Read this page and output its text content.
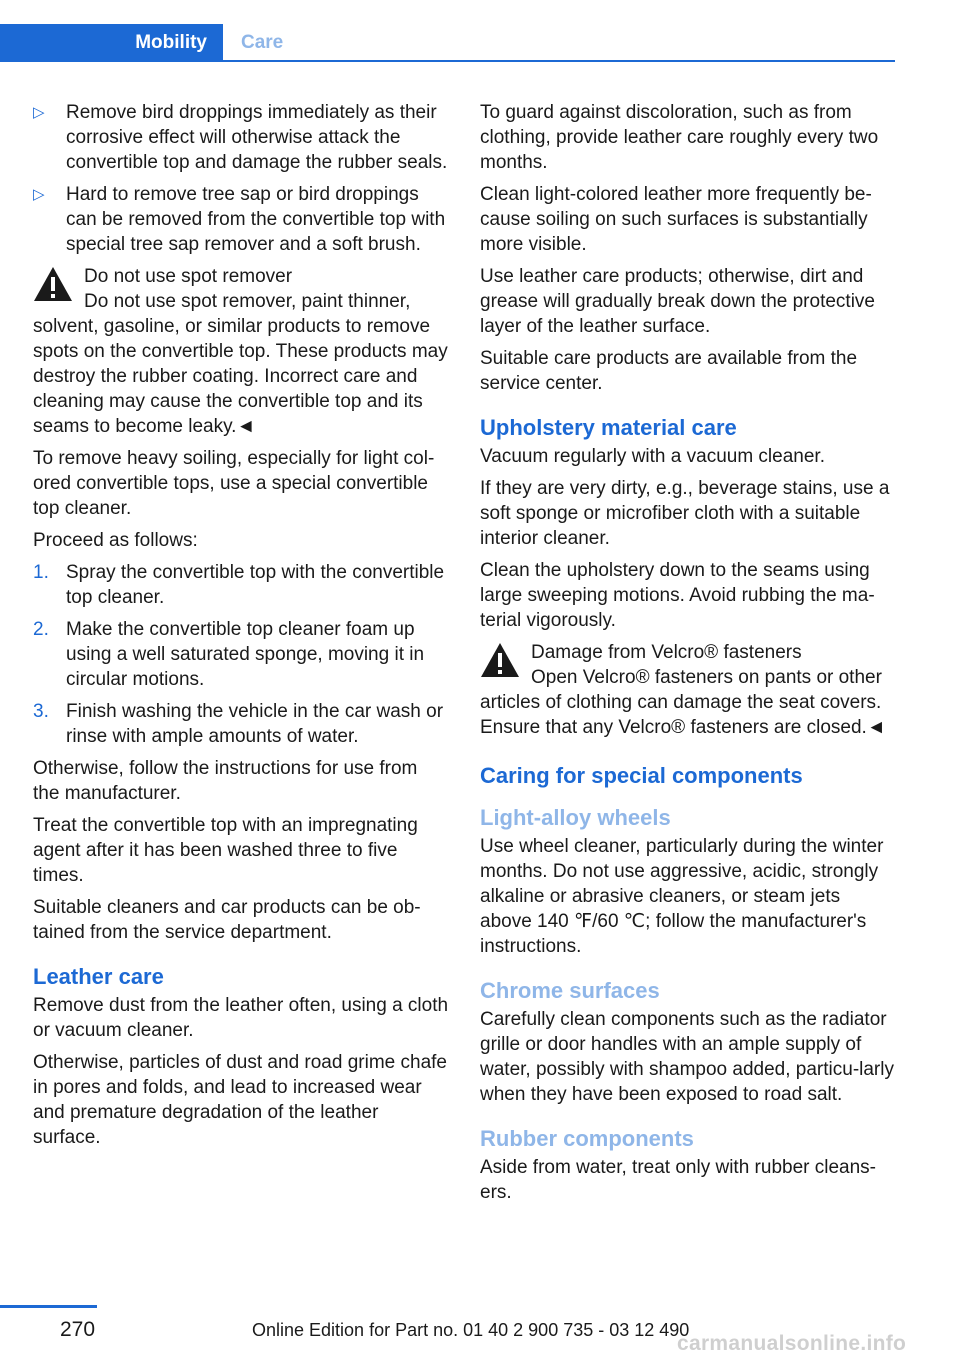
Mobility	Care
▷ Remove bird droppings immediately as their corrosive effect will otherwise attack the convertible top and damage the rubber seals.
▷ Hard to remove tree sap or bird droppings can be removed from the convertible top with special tree sap remover and a soft brush.
Do not use spot remover
Do not use spot remover, paint thinner, solvent, gasoline, or similar products to remove spots on the convertible top. These products may destroy the rubber coating. Incorrect care and cleaning may cause the convertible top and its seams to become leaky.◄

To remove heavy soiling, especially for light col‐ored convertible tops, use a special convertible top cleaner.

Proceed as follows:

1. Spray the convertible top with the convertible top cleaner.
2. Make the convertible top cleaner foam up using a well saturated sponge, moving it in circular motions.
3. Finish washing the vehicle in the car wash or rinse with ample amounts of water.

Otherwise, follow the instructions for use from the manufacturer.

Treat the convertible top with an impregnating agent after it has been washed three to five times.

Suitable cleaners and car products can be ob‐tained from the service department.

Leather care

Remove dust from the leather often, using a cloth or vacuum cleaner.

Otherwise, particles of dust and road grime chafe in pores and folds, and lead to increased wear and premature degradation of the leather surface.

To guard against discoloration, such as from clothing, provide leather care roughly every two months.

Clean light-colored leather more frequently be‐cause soiling on such surfaces is substantially more visible.

Use leather care products; otherwise, dirt and grease will gradually break down the protective layer of the leather surface.

Suitable care products are available from the service center.

Upholstery material care

Vacuum regularly with a vacuum cleaner.

If they are very dirty, e.g., beverage stains, use a soft sponge or microfiber cloth with a suitable interior cleaner.

Clean the upholstery down to the seams using large sweeping motions. Avoid rubbing the ma‐terial vigorously.

Damage from Velcro® fasteners
Open Velcro® fasteners on pants or other articles of clothing can damage the seat covers. Ensure that any Velcro® fasteners are closed.◄
Caring for special components
Light-alloy wheels

Use wheel cleaner, particularly during the winter months. Do not use aggressive, acidic, strongly alkaline or abrasive cleaners, or steam jets above 140 ℉/60 ℃; follow the manufacturer's instructions.

Chrome surfaces

Carefully clean components such as the radiator grille or door handles with an ample supply of water, possibly with shampoo added, particu‐larly when they have been exposed to road salt.

Rubber components

Aside from water, treat only with rubber cleans‐ers.

270	Online Edition for Part no. 01 40 2 900 735 - 03 12 490
carmanualsonline.info
